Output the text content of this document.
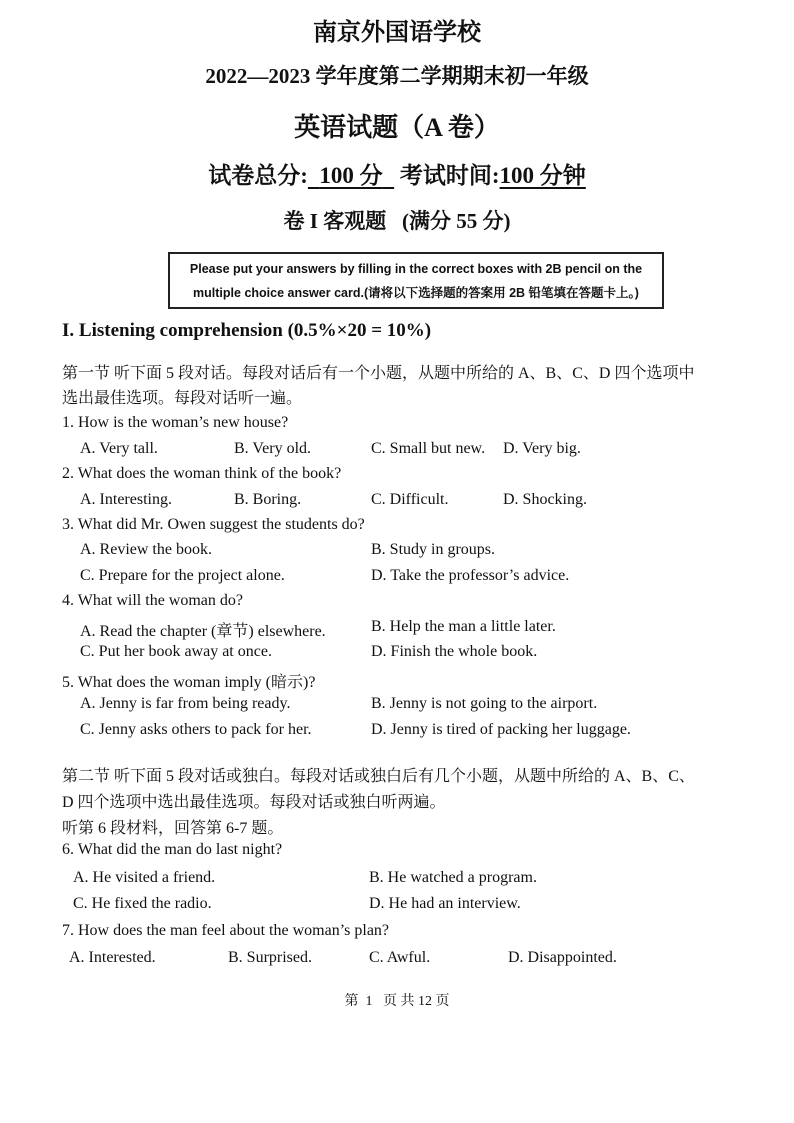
南京外国语学校
2022—2023 学年度第二学期期末初一年级
英语试题（A 卷）
试卷总分: 100 分 考试时间:100 分钟
卷 I 客观题   (满分 55 分)
Please put your answers by filling in the correct boxes with 2B pencil on the
multiple choice answer card.(请将以下选择题的答案用 2B 铅笔填在答题卡上。)
I. Listening comprehension (0.5%×20 = 10%)
第一节 听下面 5 段对话。每段对话后有一个小题，从题中所给的 A、B、C、D 四个选项中
选出最佳选项。每段对话听一遍。
1. How is the woman’s new house?
A. Very tall.	B. Very old.	C. Small but new. D. Very big.
2. What does the woman think of the book?
A. Interesting.	B. Boring.	C. Difficult.	D. Shocking.
3. What did Mr. Owen suggest the students do?
A. Review the book.	B. Study in groups.
C. Prepare for the project alone.	D. Take the professor’s advice.
4. What will the woman do?
A. Read the chapter (章节) elsewhere.	B. Help the man a little later.
C. Put her book away at once.	D. Finish the whole book.
5. What does the woman imply (暗示)?
A. Jenny is far from being ready.	B. Jenny is not going to the airport.
C. Jenny asks others to pack for her.	D. Jenny is tired of packing her luggage.
第二节 听下面 5 段对话或独白。每段对话或独白后有几个小题，从题中所给的 A、B、C、
D 四个选项中选出最佳选项。每段对话或独白听两遍。
听第 6 段材料，回答第 6-7 题。
6. What did the man do last night?
A. He visited a friend.	B. He watched a program.
C. He fixed the radio.	D. He had an interview.
7. How does the man feel about the woman’s plan?
A. Interested.	B. Surprised.	C. Awful.	D. Disappointed.
第  1   页 共 12 页
